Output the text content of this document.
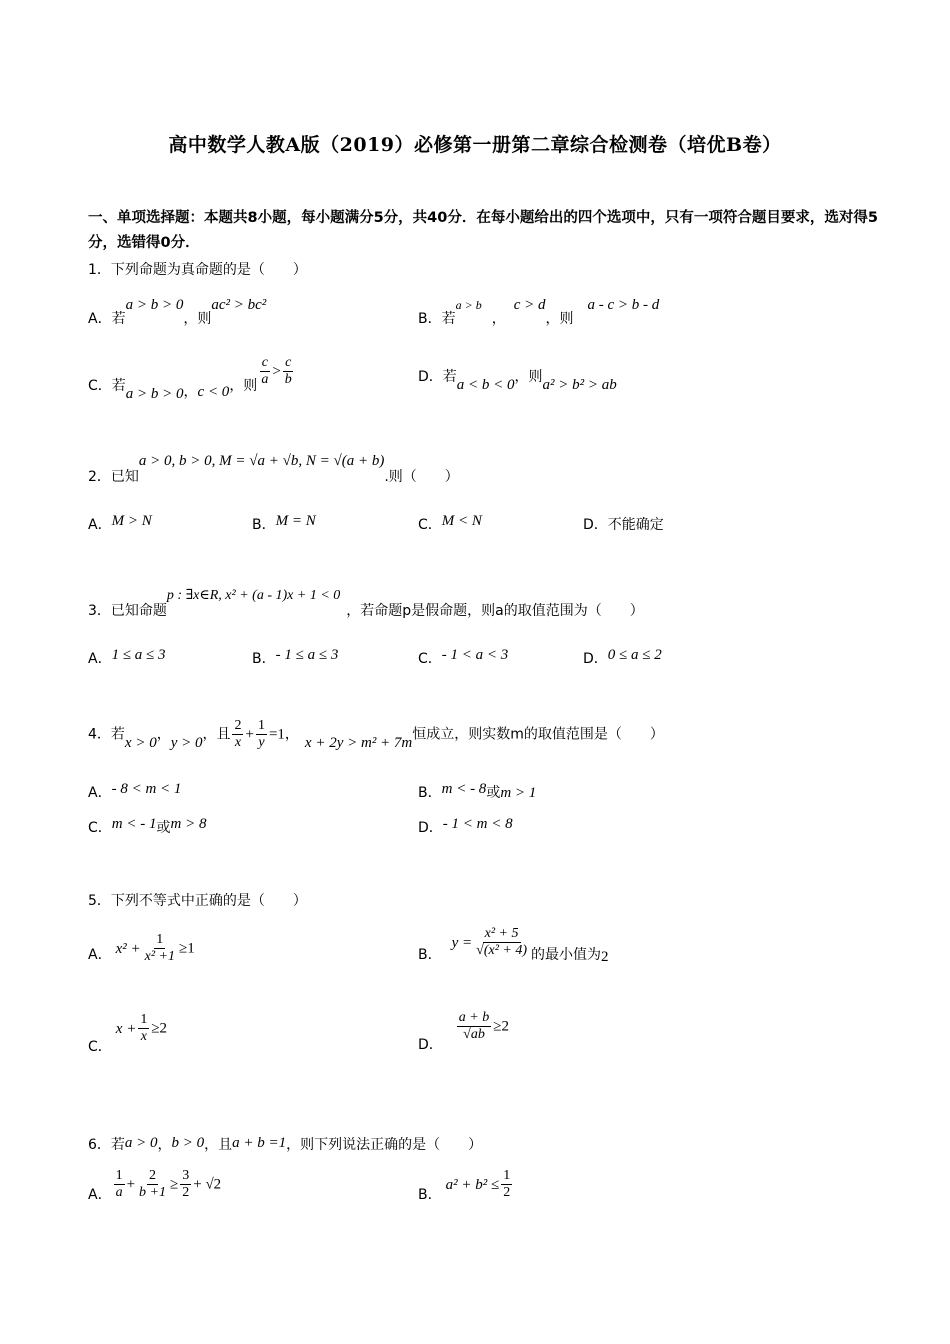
高中数学人教A版（2019）必修第一册第二章综合检测卷（培优B卷）
一、单项选择题：本题共8小题，每小题满分5分，共40分．在每小题给出的四个选项中，只有一项符合题目要求，选对得5分，选错得0分．
1．下列命题为真命题的是（　　）
A．若a > b > 0，则ac² > bc²
B．若a > b，c > d，则a - c > b - d
C．若a > b > 0，c < 0，则 $\frac{c}{a} > \frac{c}{b}$	D．若a < b < 0，则a² > b² > ab
2．已知a > 0, b > 0, M = √a + √b, N = √(a + b).则（　　）
A．M > N	B．M = N	C．M < N	D．不能确定
3．已知命题p : ∃x∈R, x² + (a - 1)x + 1 < 0，若命题p是假命题，则a的取值范围为（　　）
A．1 ≤ a ≤ 3	B．- 1 ≤ a ≤ 3	C．- 1 < a < 3	D．0 ≤ a ≤ 2
4．若x > 0，y > 0，且 $\frac{2}{x} + \frac{1}{y} =1$， x + 2y > m² + 7m恒成立，则实数m的取值范围是（　　）
A．- 8 < m < 1	B．m < - 8或m > 1
C．m < - 1或m > 8	D．- 1 < m < 8
5．下列不等式中正确的是（　　）
A． $x^2 + \frac{1}{\text{x² +1}} \ge 1$	B．$y = \frac{\text{x² + 5}}{\text{√(x² + 4)}}$ 的最小值为2
C．$x + \frac{1}{x} \ge 2$
D．
$\frac{a + b}{√ab} \ge 2$
6．若a > 0，b > 0，且a + b =1，则下列说法正确的是（　　）
A． $\frac{1}{a} + \frac{2}{b +1} \ge \frac{3}{2} + √2$
B．$a^2 + b^2 \le \frac{1}{2}$
